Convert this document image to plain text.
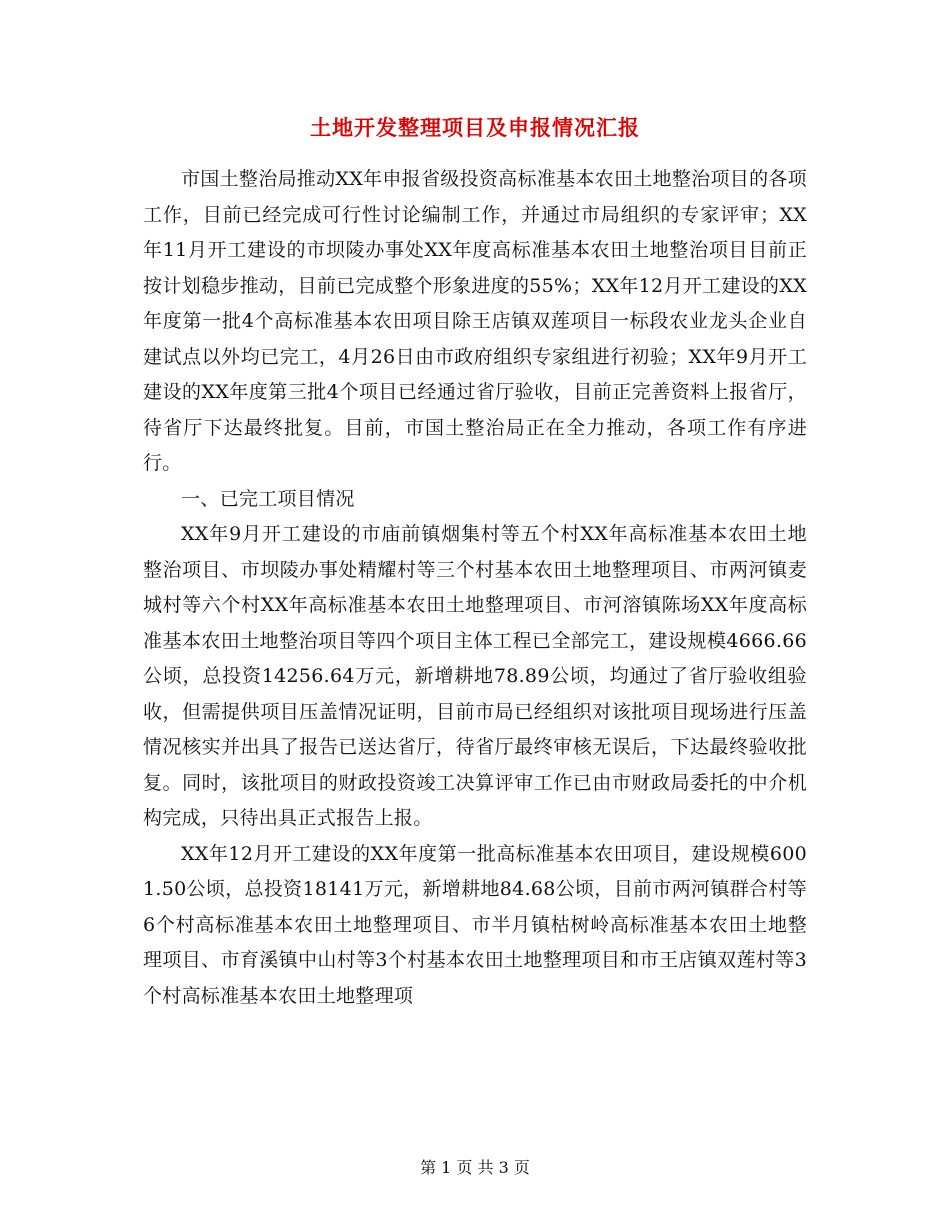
土地开发整理项目及申报情况汇报

市国土整治局推动XX年申报省级投资高标准基本农田土地整治项目的各项工作，目前已经完成可行性讨论编制工作，并通过市局组织的专家评审；XX年11月开工建设的市坝陵办事处XX年度高标准基本农田土地整治项目目前正按计划稳步推动，目前已完成整个形象进度的55%；XX年12月开工建设的XX年度第一批4个高标准基本农田项目除王店镇双莲项目一标段农业龙头企业自建试点以外均已完工，4月26日由市政府组织专家组进行初验；XX年9月开工建设的XX年度第三批4个项目已经通过省厅验收，目前正完善资料上报省厅，待省厅下达最终批复。目前，市国土整治局正在全力推动，各项工作有序进行。

一、已完工项目情况

XX年9月开工建设的市庙前镇烟集村等五个村XX年高标准基本农田土地整治项目、市坝陵办事处精耀村等三个村基本农田土地整理项目、市两河镇麦城村等六个村XX年高标准基本农田土地整理项目、市河溶镇陈场XX年度高标准基本农田土地整治项目等四个项目主体工程已全部完工，建设规模4666.66公顷，总投资14256.64万元，新增耕地78.89公顷，均通过了省厅验收组验收，但需提供项目压盖情况证明，目前市局已经组织对该批项目现场进行压盖情况核实并出具了报告已送达省厅，待省厅最终审核无误后，下达最终验收批复。同时，该批项目的财政投资竣工决算评审工作已由市财政局委托的中介机构完成，只待出具正式报告上报。

XX年12月开工建设的XX年度第一批高标准基本农田项目，建设规模6001.50公顷，总投资18141万元，新增耕地84.68公顷，目前市两河镇群合村等6个村高标准基本农田土地整理项目、市半月镇枯树岭高标准基本农田土地整理项目、市育溪镇中山村等3个村基本农田土地整理项目和市王店镇双莲村等3个村高标准基本农田土地整理项

第 1 页 共 3 页
